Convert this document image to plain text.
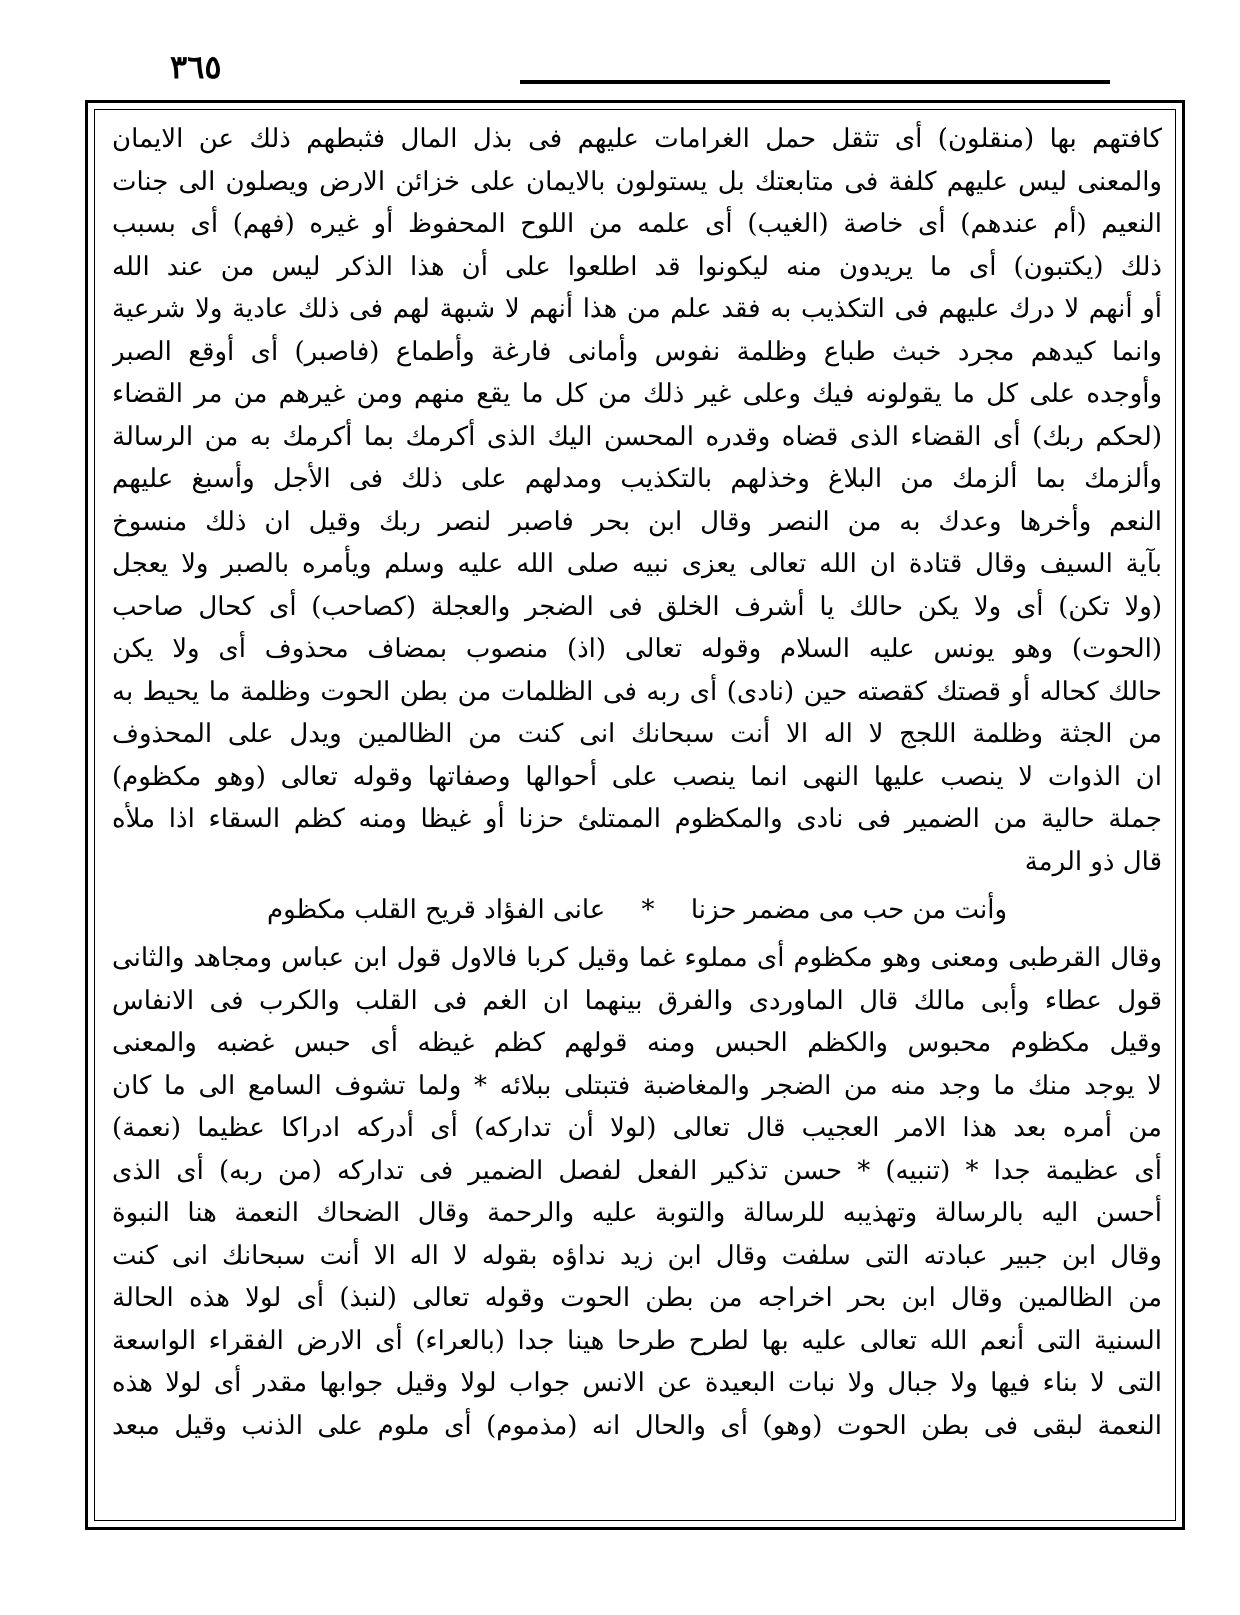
٣٦٥
كافتهم بها (منقلون) أى تثقل حمل الغرامات عليهم فى بذل المال فثبطهم ذلك عن الايمان
والمعنى ليس عليهم كلفة فى متابعتك بل يستولون بالايمان على خزائن الارض ويصلون الى جنات
النعيم (أم عندهم) أى خاصة (الغيب) أى علمه من اللوح المحفوظ أو غيره (فهم) أى بسبب
ذلك (يكتبون) أى ما يريدون منه ليكونوا قد اطلعوا على أن هذا الذكر ليس من عند الله
أو أنهم لا درك عليهم فى التكذيب به فقد علم من هذا أنهم لا شبهة لهم فى ذلك عادية ولا شرعية
وانما كيدهم مجرد خبث طباع وظلمة نفوس وأمانى فارغة وأطماع (فاصبر) أى أوقع الصبر
وأوجده على كل ما يقولونه فيك وعلى غير ذلك من كل ما يقع منهم ومن غيرهم من مر القضاء
(لحكم ربك) أى القضاء الذى قضاه وقدره المحسن اليك الذى أكرمك بما أكرمك به من الرسالة
وألزمك بما ألزمك من البلاغ وخذلهم بالتكذيب ومدلهم على ذلك فى الأجل وأسبغ عليهم
النعم وأخرها وعدك به من النصر وقال ابن بحر فاصبر لنصر ربك وقيل ان ذلك منسوخ
بآية السيف وقال قتادة ان الله تعالى يعزى نبيه صلى الله عليه وسلم ويأمره بالصبر ولا يعجل
(ولا تكن) أى ولا يكن حالك يا أشرف الخلق فى الضجر والعجلة (كصاحب) أى كحال صاحب
(الحوت) وهو يونس عليه السلام وقوله تعالى (اذ) منصوب بمضاف محذوف أى ولا يكن
حالك كحاله أو قصتك كقصته حين (نادى) أى ربه فى الظلمات من بطن الحوت وظلمة ما يحيط به
من الجثة وظلمة اللجج لا اله الا أنت سبحانك انى كنت من الظالمين ويدل على المحذوف
ان الذوات لا ينصب عليها النهى انما ينصب على أحوالها وصفاتها وقوله تعالى (وهو مكظوم)
جملة حالية من الضمير فى نادى والمكظوم الممتلئ حزنا أو غيظا ومنه كظم السقاء اذا ملأه
قال ذو الرمة
وأنت من حب مى مضمر حزنا * عانى الفؤاد قريح القلب مكظوم
وقال القرطبى ومعنى وهو مكظوم أى مملوء غما وقيل كربا فالاول قول ابن عباس ومجاهد والثانى
قول عطاء وأبى مالك قال الماوردى والفرق بينهما ان الغم فى القلب والكرب فى الانفاس
وقيل مكظوم محبوس والكظم الحبس ومنه قولهم كظم غيظه أى حبس غضبه والمعنى
لا يوجد منك ما وجد منه من الضجر والمغاضبة فتبتلى ببلائه * ولما تشوف السامع الى ما كان
من أمره بعد هذا الامر العجيب قال تعالى (لولا أن تداركه) أى أدركه ادراكا عظيما (نعمة)
أى عظيمة جدا * (تنبيه) * حسن تذكير الفعل لفصل الضمير فى تداركه (من ربه) أى الذى
أحسن اليه بالرسالة وتهذيبه للرسالة والتوبة عليه والرحمة وقال الضحاك النعمة هنا النبوة
وقال ابن جبير عبادته التى سلفت وقال ابن زيد نداؤه بقوله لا اله الا أنت سبحانك انى كنت
من الظالمين وقال ابن بحر اخراجه من بطن الحوت وقوله تعالى (لنبذ) أى لولا هذه الحالة
السنية التى أنعم الله تعالى عليه بها لطرح طرحا هينا جدا (بالعراء) أى الارض الفقراء الواسعة
التى لا بناء فيها ولا جبال ولا نبات البعيدة عن الانس جواب لولا وقيل جوابها مقدر أى لولا هذه
النعمة لبقى فى بطن الحوت (وهو) أى والحال انه (مذموم) أى ملوم على الذنب وقيل مبعد
